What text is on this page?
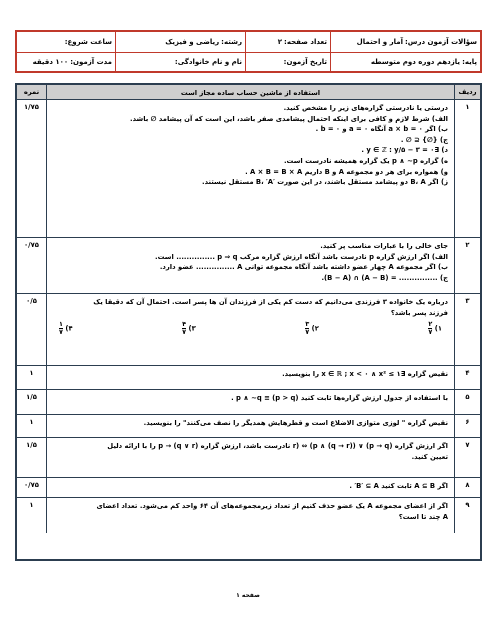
سؤالات آزمون درس:
آمار و احتمال
تعداد صفحه:
۲
رشته:
ریاضی و فیزیک
ساعت شروع:
پایه:
یازدهم دوره دوم متوسطه
تاریخ آزمون:
نام و نام خانوادگی:
مدت آزمون:
۱۰۰ دقیقه
ردیف
استفاده از ماشین حساب ساده مجاز است
نمره
۱
درستی یا نادرستی گزاره‌های زیر را مشخص کنید.
الف) شرط لازم و کافی برای اینکه احتمال پیشامدی صفر باشد، این است که آن پیشامد ∅ باشد.
ب) اگر a × b = ۰ آنگاه a = ۰ و b = ۰ .
ج) {∅} ⊆ ∅ .
د) ∃y ∈ ℤ : y/۵ − ۳ = ۰ .
ه) گزاره p ∧ ∼p یک گزاره همیشه نادرست است.
و) همواره برای هر دو مجموعه A و B داریم A × B = B × A .
ز) اگر B، A دو پیشامد مستقل باشند، در این صورت ′B، ′A مستقل نیستند.
۱/۷۵
۲
جای خالی را با عبارات مناسب پر کنید.
الف) اگر ارزش گزاره p نادرست باشد آنگاه ارزش گزاره مرکب p ⇒ q ............... است.
ب) اگر مجموعه A چهار عضو داشته باشد آنگاه مجموعه توانی A ............... عضو دارد.
ج) ............... = (A − B) ∩ (B − A).
۰/۷۵
۳
درباره یک خانواده ۳ فرزندی می‌دانیم که دست کم یکی از فرزندان آن ها پسر است. احتمال آن که دقیقا یک
فرزند پسر باشد؟
۱)
$\frac{۲}{۷}$
۲)
$\frac{۳}{۷}$
۳)
$\frac{۴}{۷}$
۴)
$\frac{۱}{۷}$
۰/۵
۴
نقیض گزاره ∃x ∈ ℝ ; x < ۰ ∧ x² ≤ ۱ را بنویسید.
۱
۵
با استفاده از جدول ارزش گزاره‌ها ثابت کنید (p > q) ≡ p ∧ ∼q .
۱/۵
۶
نقیض گزاره " لوزی متوازی الاضلاع است و قطرهایش همدیگر را نصف می‌کنند" را بنویسید.
۱
۷
اگر ارزش گزاره (p → q) ∨ r) ⇔ (p ∧ (q → r)) نادرست باشد، ارزش گزاره (q ∨ r) → p را با ارائه دلیل
تعیین کنید.
۱/۵
۸
اگر A ⊆ B ثابت کنید B′ ⊆ A′ .
۰/۷۵
۹
اگر از اعضای مجموعه A یک عضو حذف کنیم از تعداد زیرمجموعه‌های آن ۶۴ واحد کم می‌شود. تعداد اعضای
A چند تا است؟
۱
صفحه ۱
